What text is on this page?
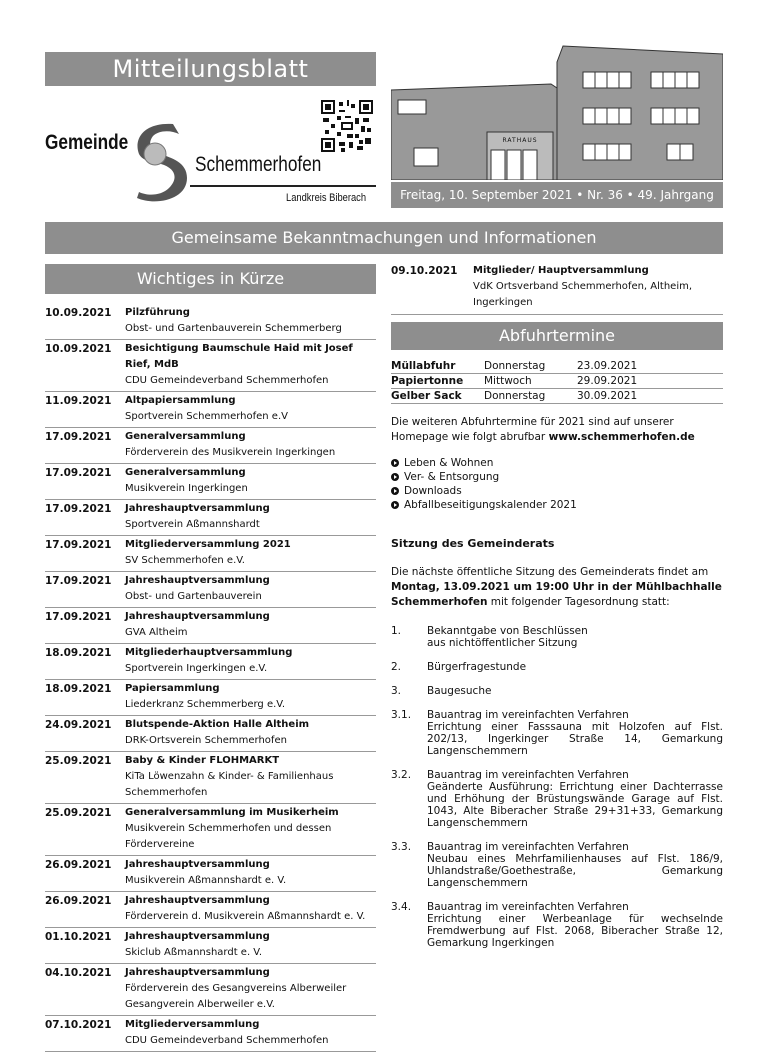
Mitteilungsblatt
Gemeinde
Schemmerhofen
Landkreis Biberach
RATHAUS
Freitag, 10. September 2021 • Nr. 36 • 49. Jahrgang
Gemeinsame Bekanntmachungen und Informationen
Wichtiges in Kürze
10.09.2021	Pilzführung
Obst- und Gartenbauverein Schemmerberg
10.09.2021	Besichtigung Baumschule Haid mit Josef Rief, MdB
CDU Gemeindeverband Schemmerhofen
11.09.2021	Altpapiersammlung
Sportverein Schemmerhofen e.V
17.09.2021	Generalversammlung
Förderverein des Musikverein Ingerkingen
17.09.2021	Generalversammlung
Musikverein Ingerkingen
17.09.2021	Jahreshauptversammlung
Sportverein Aßmannshardt
17.09.2021	Mitgliederversammlung 2021
SV Schemmerhofen e.V.
17.09.2021	Jahreshauptversammlung
Obst- und Gartenbauverein
17.09.2021	Jahreshauptversammlung
GVA Altheim
18.09.2021	Mitgliederhauptversammlung
Sportverein Ingerkingen e.V.
18.09.2021	Papiersammlung
Liederkranz Schemmerberg e.V.
24.09.2021	Blutspende-Aktion Halle Altheim
DRK-Ortsverein Schemmerhofen
25.09.2021	Baby & Kinder FLOHMARKT
KiTa Löwenzahn & Kinder- & Familienhaus Schemmerhofen
25.09.2021	Generalversammlung im Musikerheim
Musikverein Schemmerhofen und dessen Fördervereine
26.09.2021	Jahreshauptversammlung
Musikverein Aßmannshardt e. V.
26.09.2021	Jahreshauptversammlung
Förderverein d. Musikverein Aßmannshardt e. V.
01.10.2021	Jahreshauptversammlung
Skiclub Aßmannshardt e. V.
04.10.2021	Jahreshauptversammlung
Förderverein des Gesangvereins Alberweiler Gesangverein Alberweiler e.V.
07.10.2021	Mitgliederversammlung
CDU Gemeindeverband Schemmerhofen
09.10.2021	Mitglieder/ Hauptversammlung
VdK Ortsverband Schemmerhofen, Altheim, Ingerkingen
Abfuhrtermine
Müllabfuhr	Donnerstag	23.09.2021
Papiertonne	Mittwoch	29.09.2021
Gelber Sack	Donnerstag	30.09.2021
Die weiteren Abfuhrtermine für 2021 sind auf unserer Homepage wie folgt abrufbar www.schemmerhofen.de
Leben & Wohnen
Ver- & Entsorgung
Downloads
Abfallbeseitigungskalender 2021
Sitzung des Gemeinderats
Die nächste öffentliche Sitzung des Gemeinderats findet am Montag, 13.09.2021 um 19:00 Uhr in der Mühlbachhalle Schemmerhofen mit folgender Tagesordnung statt:
1.	Bekanntgabe von Beschlüssen
aus nichtöffentlicher Sitzung
2.	Bürgerfragestunde
3.	Baugesuche
3.1.	Bauantrag im vereinfachten Verfahren
Errichtung einer Fasssauna mit Holzofen auf Flst. 202/13, Ingerkinger Straße 14, Gemarkung Langenschemmern
3.2.	Bauantrag im vereinfachten Verfahren
Geänderte Ausführung: Errichtung einer Dachterrasse und Erhöhung der Brüstungswände Garage auf Flst. 1043, Alte Biberacher Straße 29+31+33, Gemarkung Langenschemmern
3.3.	Bauantrag im vereinfachten Verfahren
Neubau eines Mehrfamilienhauses auf Flst. 186/9, Uhlandstraße/Goethestraße, Gemarkung Langenschemmern
3.4.	Bauantrag im vereinfachten Verfahren
Errichtung einer Werbeanlage für wechselnde Fremdwerbung auf Flst. 2068, Biberacher Straße 12, Gemarkung Ingerkingen
